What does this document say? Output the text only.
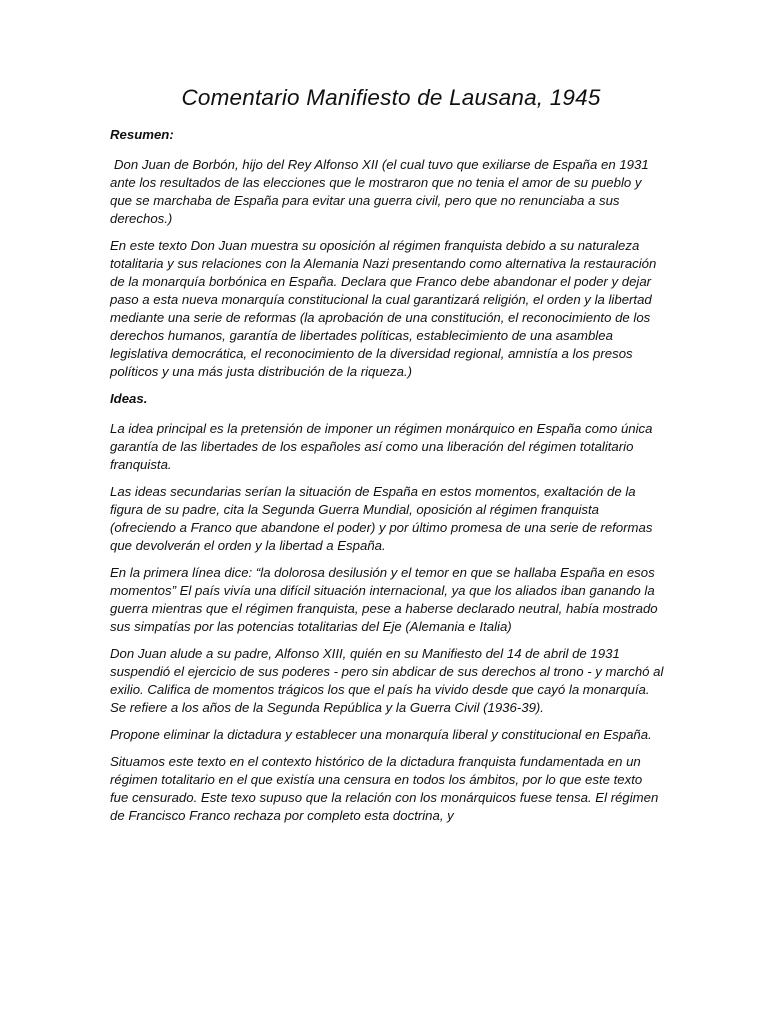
Comentario Manifiesto de Lausana, 1945
Resumen:

Don Juan de Borbón, hijo del Rey Alfonso XII (el cual tuvo que exiliarse de España en 1931 ante los resultados de las elecciones que le mostraron que no tenia el amor de su pueblo y que se marchaba de España para evitar una guerra civil, pero que no renunciaba a sus derechos.)

En este texto Don Juan muestra su oposición al régimen franquista debido a su naturaleza totalitaria y sus relaciones con la Alemania Nazi presentando como alternativa la restauración de la monarquía borbónica en España. Declara que Franco debe abandonar el poder y dejar paso a esta nueva monarquía constitucional la cual garantizará religión, el orden y la libertad mediante una serie de reformas (la aprobación de una constitución, el reconocimiento de los derechos humanos, garantía de libertades políticas, establecimiento de una asamblea legislativa democrática, el reconocimiento de la diversidad regional, amnistía a los presos políticos y una más justa distribución de la riqueza.)

Ideas.

La idea principal es la pretensión de imponer un régimen monárquico en España como única garantía de las libertades de los españoles así como una liberación del régimen totalitario franquista.

Las ideas secundarias serían la situación de España en estos momentos, exaltación de la figura de su padre, cita la Segunda Guerra Mundial, oposición al régimen franquista (ofreciendo a Franco que abandone el poder) y por último promesa de una serie de reformas que devolverán el orden y la libertad a España.

En la primera línea dice: “la dolorosa desilusión y el temor en que se hallaba España en esos momentos” El país vivía una difícil situación internacional, ya que los aliados iban ganando la guerra mientras que el régimen franquista, pese a haberse declarado neutral, había mostrado sus simpatías por las potencias totalitarias del Eje (Alemania e Italia)

Don Juan alude a su padre, Alfonso XIII, quién en su Manifiesto del 14 de abril de 1931 suspendió el ejercicio de sus poderes - pero sin abdicar de sus derechos al trono - y marchó al exilio. Califica de momentos trágicos los que el país ha vivido desde que cayó la monarquía. Se refiere a los años de la Segunda República y la Guerra Civil (1936-39).

Propone eliminar la dictadura y establecer una monarquía liberal y constitucional en España.

Situamos este texto en el contexto histórico de la dictadura franquista fundamentada en un régimen totalitario en el que existía una censura en todos los ámbitos, por lo que este texto fue censurado. Este texo supuso que la relación con los monárquicos fuese tensa. El régimen de Francisco Franco rechaza por completo esta doctrina, y
